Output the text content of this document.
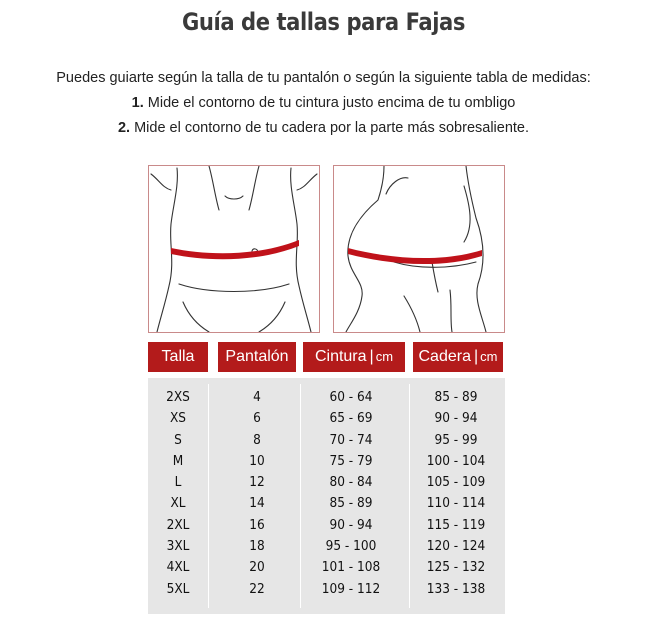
Guía de tallas para Fajas
Puedes guiarte según la talla de tu pantalón o según la siguiente tabla de medidas:
1. Mide el contorno de tu cintura justo encima de tu ombligo
2. Mide el contorno de tu cadera por la parte más sobresaliente.
Talla Pantalón Cintura | cm Cadera | cm
2XS
XS
S
M
L
XL
2XL
3XL
4XL
5XL
4
6
8
10
12
14
16
18
20
22
60 - 64
65 - 69
70 - 74
75 - 79
80 - 84
85 - 89
90 - 94
95 - 100
101 - 108
109 - 112
85 - 89
90 - 94
95 - 99
100 - 104
105 - 109
110 - 114
115 - 119
120 - 124
125 - 132
133 - 138
